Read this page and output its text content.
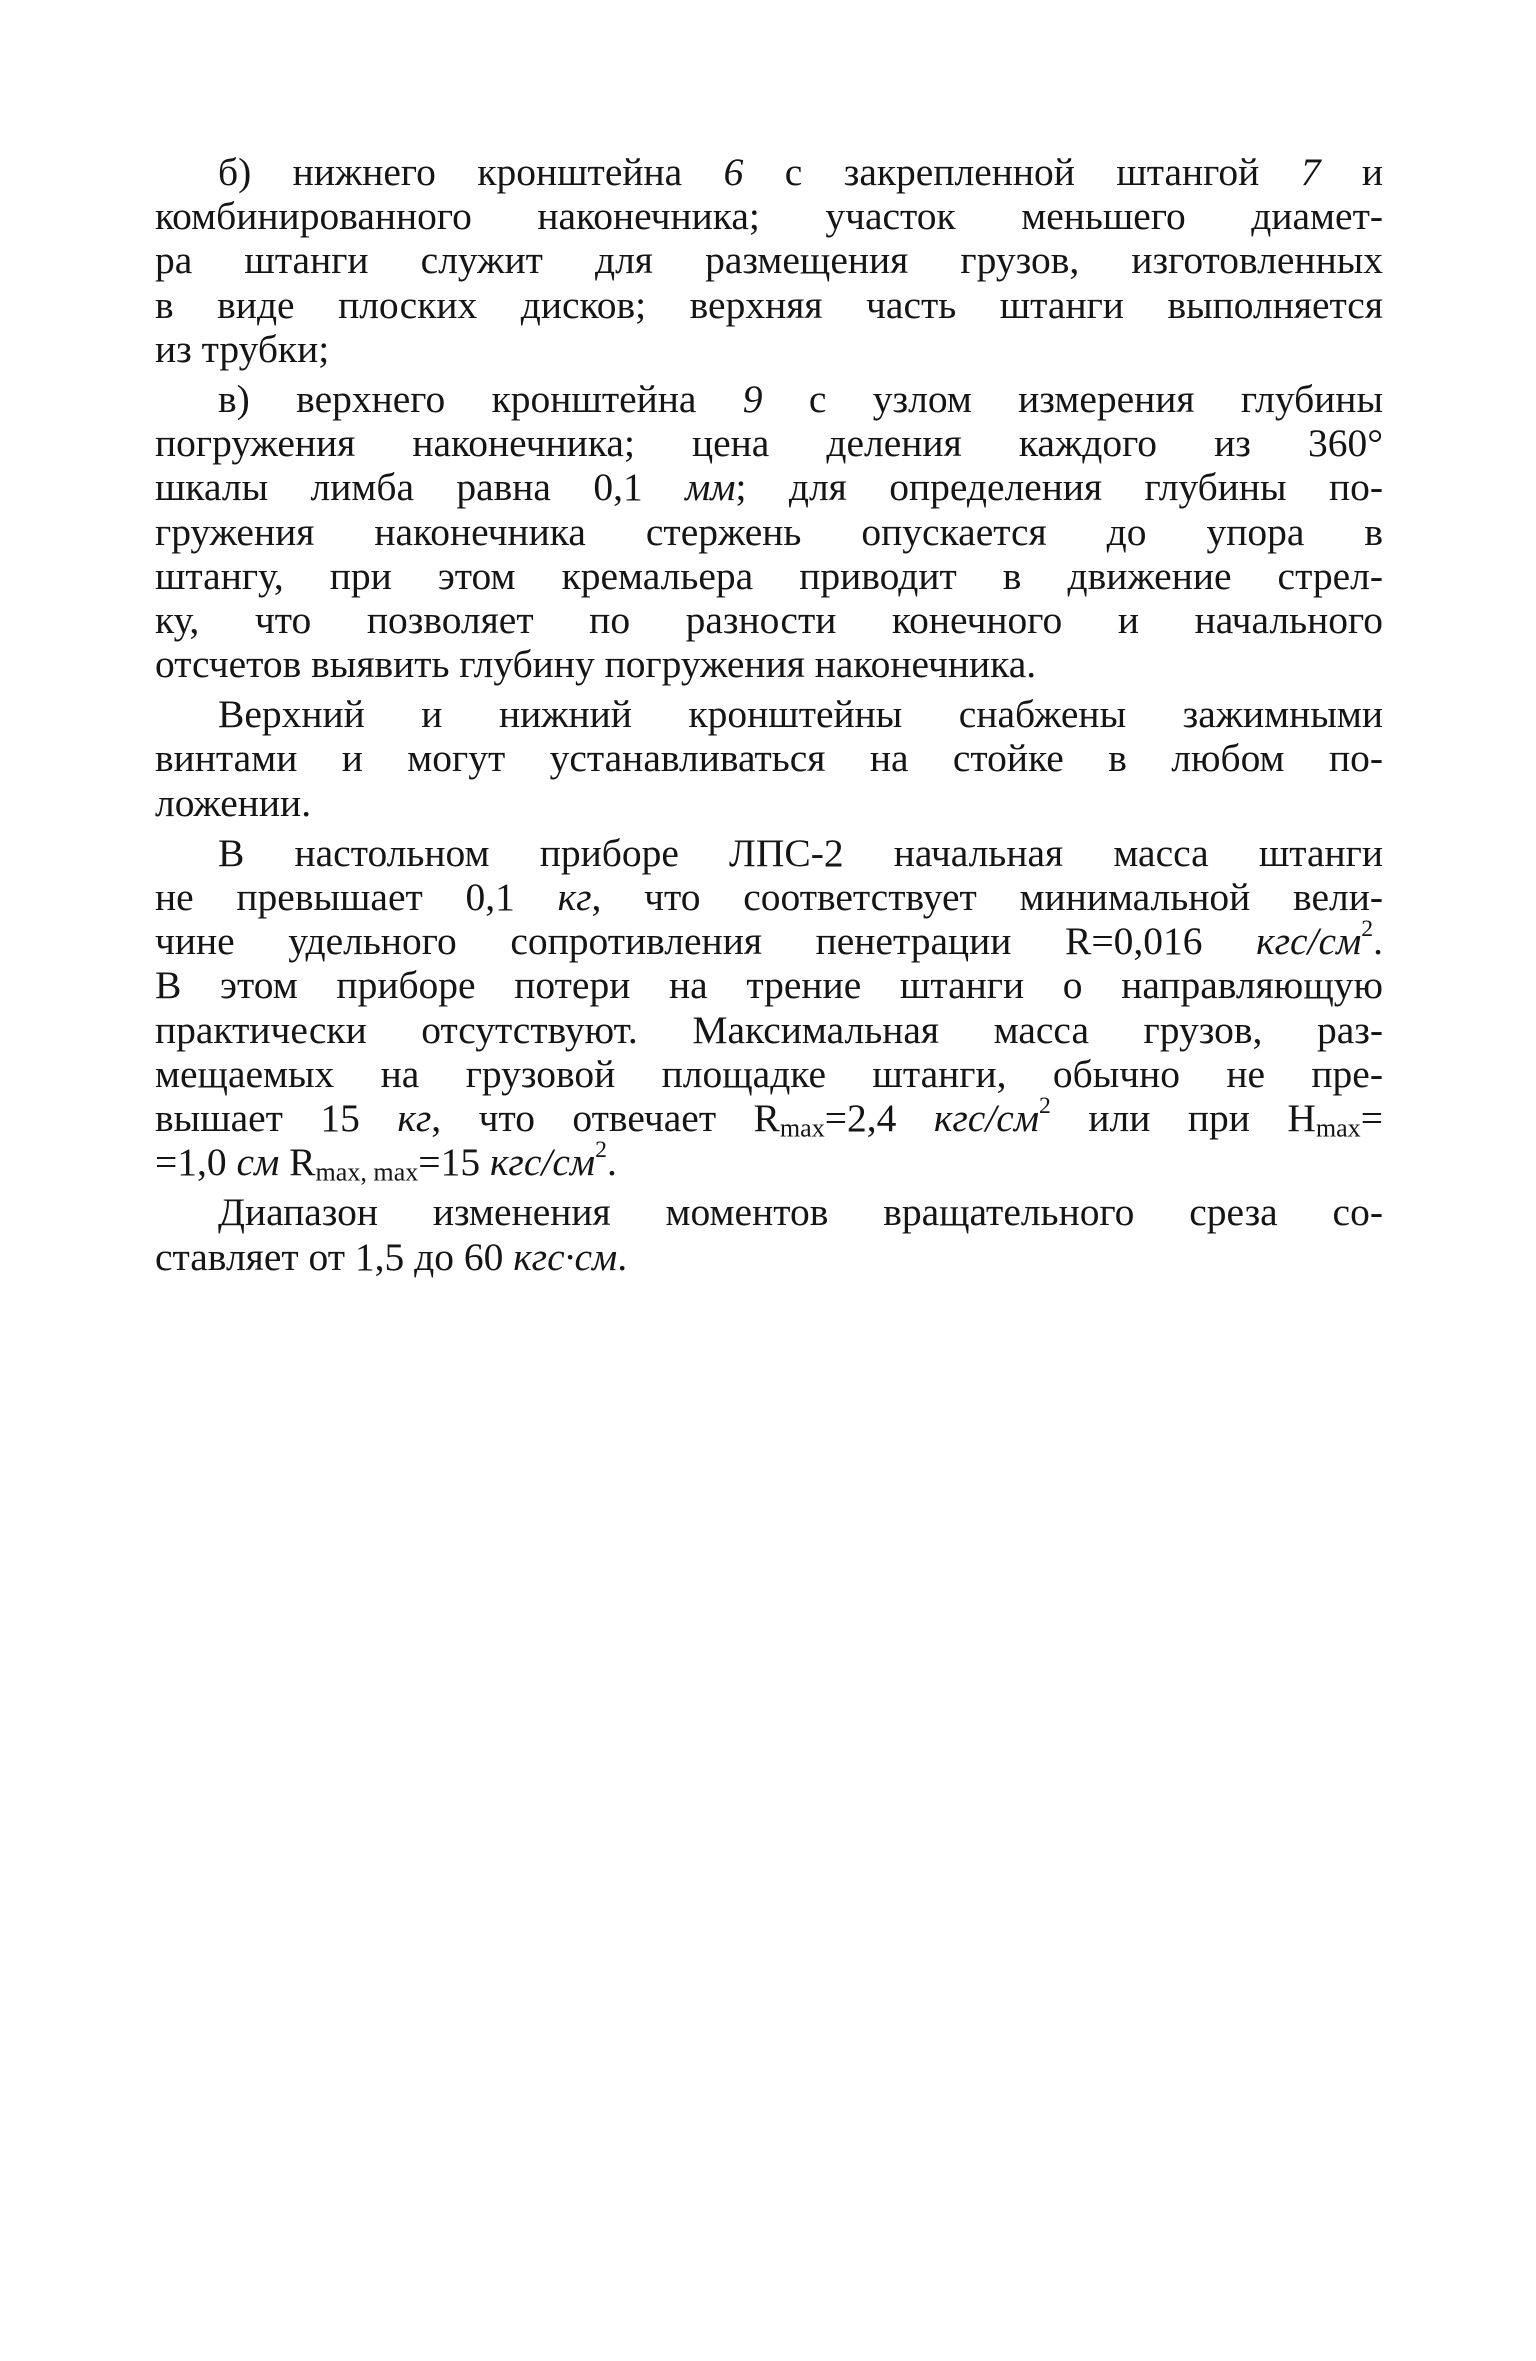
б) нижнего кронштейна 6 с закрепленной штангой 7 и
комбинированного наконечника; участок меньшего диамет-
ра штанги служит для размещения грузов, изготовленных
в виде плоских дисков; верхняя часть штанги выполняется
из трубки;
в) верхнего кронштейна 9 с узлом измерения глубины
погружения наконечника; цена деления каждого из 360°
шкалы лимба равна 0,1 мм; для определения глубины по-
гружения наконечника стержень опускается до упора в
штангу, при этом кремальера приводит в движение стрел-
ку, что позволяет по разности конечного и начального
отсчетов выявить глубину погружения наконечника.
Верхний и нижний кронштейны снабжены зажимными
винтами и могут устанавливаться на стойке в любом по-
ложении.
В настольном приборе ЛПС-2 начальная масса штанги
не превышает 0,1 кг, что соответствует минимальной вели-
чине удельного сопротивления пенетрации R=0,016 кгс/$см^2$.
В этом приборе потери на трение штанги о направляющую
практически отсутствуют. Максимальная масса грузов, раз-
мещаемых на грузовой площадке штанги, обычно не пре-
вышает 15 кг, что отвечает $R_{max}=2,4$ кгс/$см^2$ или при $H_{max}=$
=1,0 см $R_{max, max}=15$ кгс/$см^2$.
Диапазон изменения моментов вращательного среза со-
ставляет от 1,5 до 60 кгс·см.
